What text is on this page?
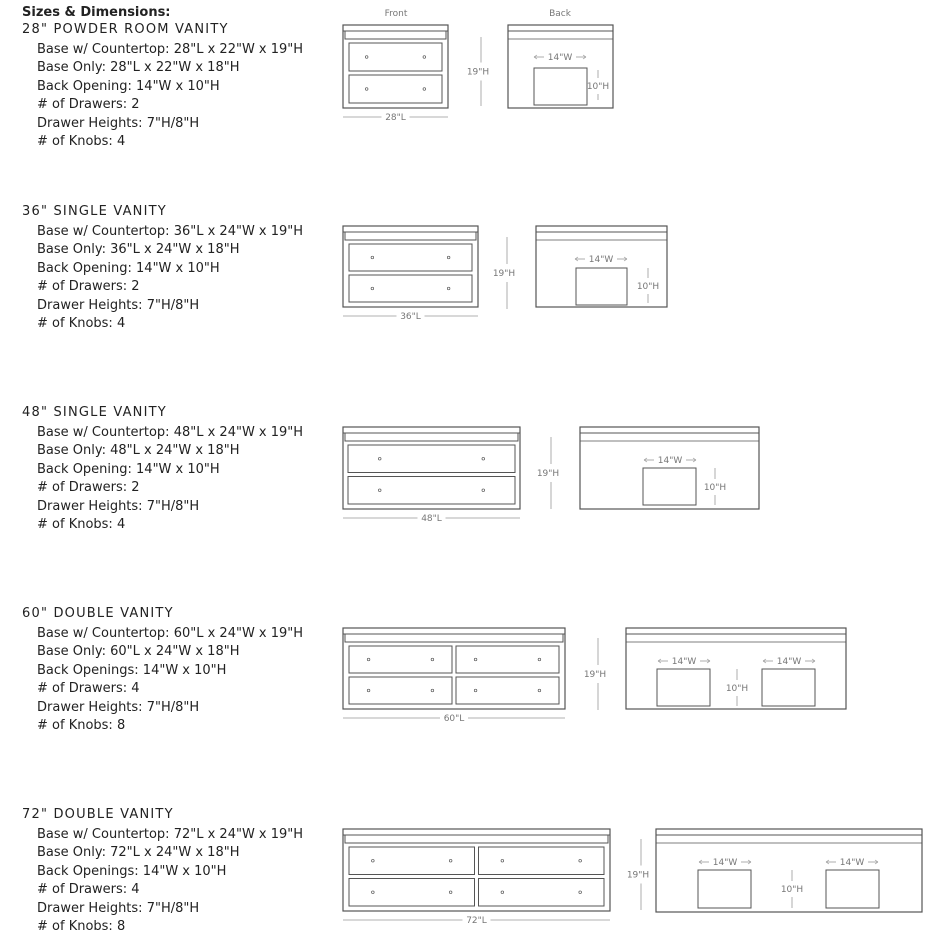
Sizes & Dimensions:
28" POWDER ROOM VANITY
Base w/ Countertop: 28"L x 22"W x 19"H
Base Only: 28"L x 22"W x 18"H
Back Opening: 14"W x 10"H
# of Drawers: 2
Drawer Heights: 7"H/8"H
# of Knobs: 4
36" SINGLE VANITY
Base w/ Countertop: 36"L x 24"W x 19"H
Base Only: 36"L x 24"W x 18"H
Back Opening: 14"W x 10"H
# of Drawers: 2
Drawer Heights: 7"H/8"H
# of Knobs: 4
48" SINGLE VANITY
Base w/ Countertop: 48"L x 24"W x 19"H
Base Only: 48"L x 24"W x 18"H
Back Opening: 14"W x 10"H
# of Drawers: 2
Drawer Heights: 7"H/8"H
# of Knobs: 4
60" DOUBLE VANITY
Base w/ Countertop: 60"L x 24"W x 19"H
Base Only: 60"L x 24"W x 18"H
Back Openings: 14"W x 10"H
# of Drawers: 4
Drawer Heights: 7"H/8"H
# of Knobs: 8
72" DOUBLE VANITY
Base w/ Countertop: 72"L x 24"W x 19"H
Base Only: 72"L x 24"W x 18"H
Back Openings: 14"W x 10"H
# of Drawers: 4
Drawer Heights: 7"H/8"H
# of Knobs: 8
Front	Back
28"L
19"H
14"W
10"H
36"L
19"H
14"W
10"H
48"L
19"H
14"W
10"H
60"L
19"H
14"W	14"W
10"H
72"L
19"H
14"W	14"W
10"H
